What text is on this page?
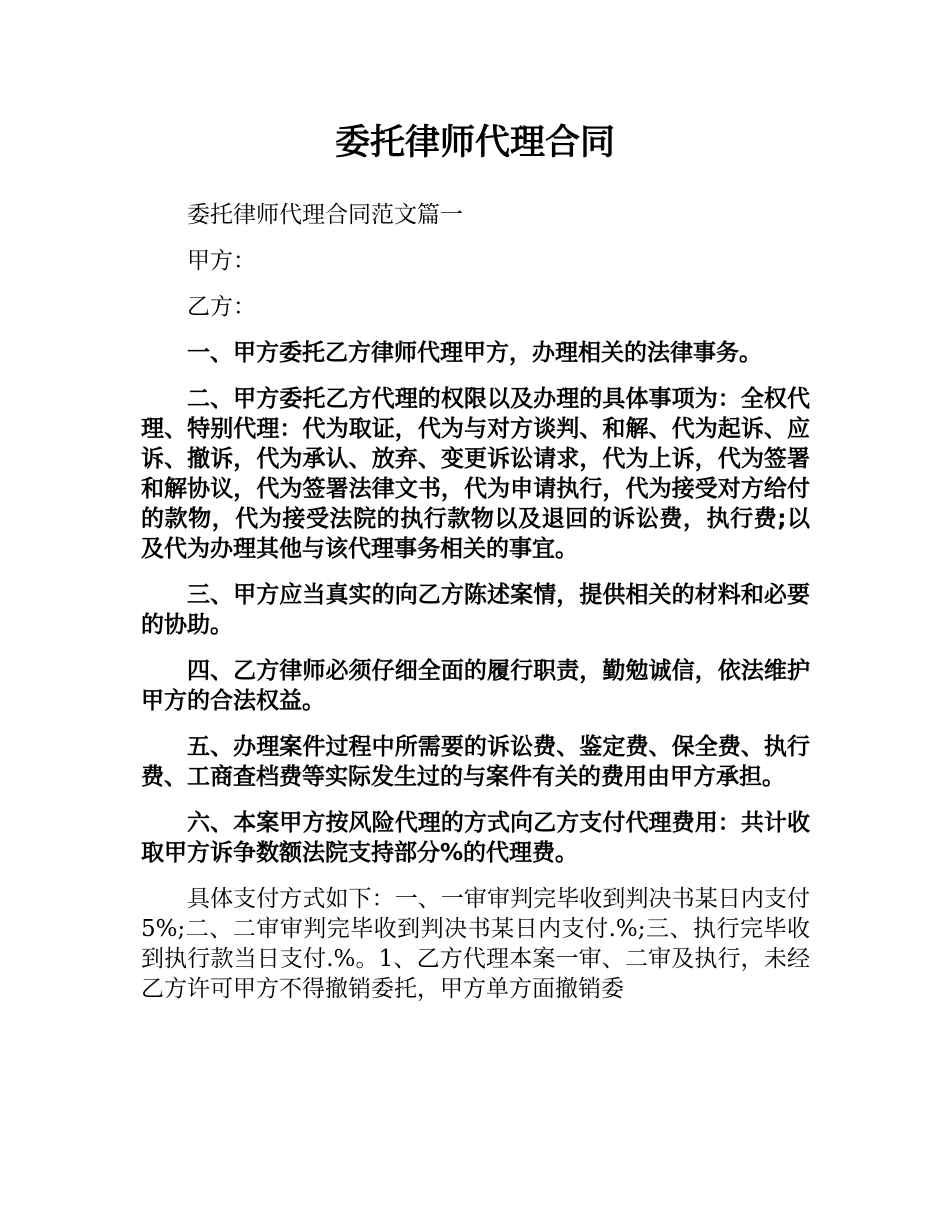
委托律师代理合同

委托律师代理合同范文篇一

甲方：

乙方：

一、甲方委托乙方律师代理甲方，办理相关的法律事务。

二、甲方委托乙方代理的权限以及办理的具体事项为：全权代理、特别代理：代为取证，代为与对方谈判、和解、代为起诉、应诉、撤诉，代为承认、放弃、变更诉讼请求，代为上诉，代为签署和解协议，代为签署法律文书，代为申请执行，代为接受对方给付的款物，代为接受法院的执行款物以及退回的诉讼费，执行费;以及代为办理其他与该代理事务相关的事宜。

三、甲方应当真实的向乙方陈述案情，提供相关的材料和必要的协助。

四、乙方律师必须仔细全面的履行职责，勤勉诚信，依法维护甲方的合法权益。

五、办理案件过程中所需要的诉讼费、鉴定费、保全费、执行费、工商查档费等实际发生过的与案件有关的费用由甲方承担。

六、本案甲方按风险代理的方式向乙方支付代理费用：共计收取甲方诉争数额法院支持部分%的代理费。

具体支付方式如下：一、一审审判完毕收到判决书某日内支付5%;二、二审审判完毕收到判决书某日内支付.%;三、执行完毕收到执行款当日支付.%。1、乙方代理本案一审、二审及执行，未经乙方许可甲方不得撤销委托，甲方单方面撤销委
